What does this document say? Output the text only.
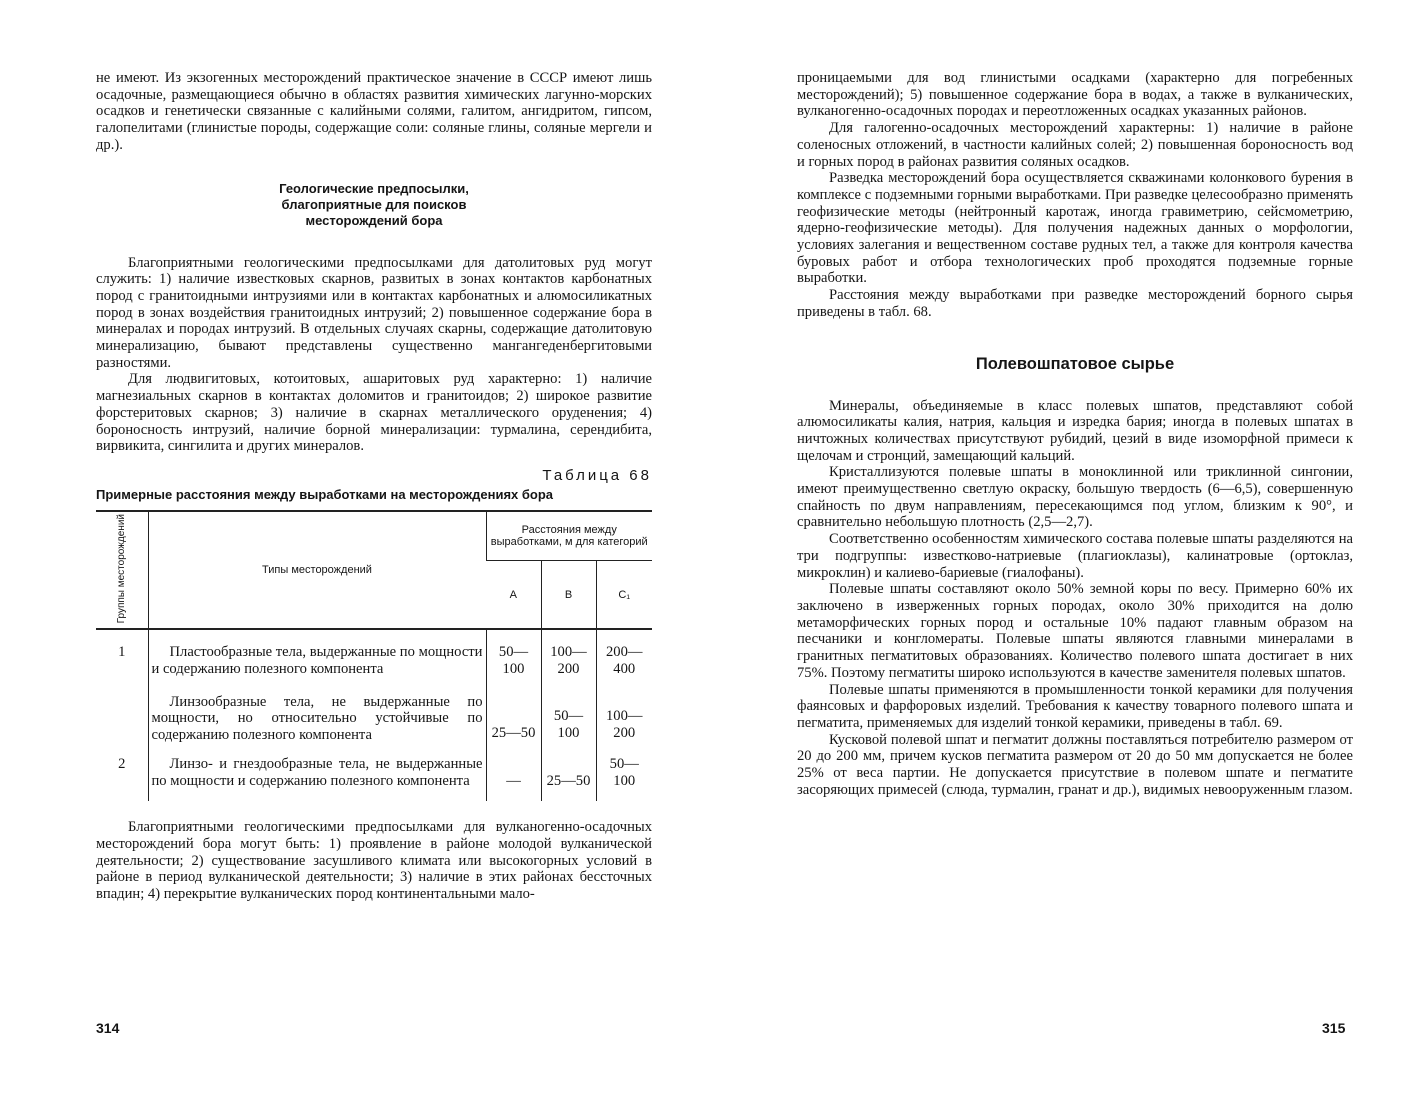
не имеют. Из экзогенных месторождений практическое значение в СССР имеют лишь осадочные, размещающиеся обычно в областях развития химических лагунно-морских осадков и генетически связанные с калийными солями, галитом, ангидритом, гипсом, галопелитами (глинистые породы, содержащие соли: соляные глины, соляные мергели и др.).

Геологические предпосылки,
благоприятные для поисков
месторождений бора

Благоприятными геологическими предпосылками для датолитовых руд могут служить: 1) наличие известковых скарнов, развитых в зонах контактов карбонатных пород с гранитоидными интрузиями или в контактах карбонатных и алюмосиликатных пород в зонах воздействия гранитоидных интрузий; 2) повышенное содержание бора в минералах и породах интрузий. В отдельных случаях скарны, содержащие датолитовую минерализацию, бывают представлены существенно мангангеденбергитовыми разностями.

Для людвигитовых, котоитовых, ашаритовых руд характерно: 1) наличие магнезиальных скарнов в контактах доломитов и гранитоидов; 2) широкое развитие форстеритовых скарнов; 3) наличие в скарнах металлического оруденения; 4) бороносность интрузий, наличие борной минерализации: турмалина, серендибита, вирвикита, сингилита и других минералов.

Таблица 68
Примерные расстояния между выработками на месторождениях бора
Группы месторождений	Типы месторождений	Расстояния между выработками, м для категорий		
		A	B	C₁
1	Пластообразные тела, выдержанные по мощности и содержанию полезного компонента	50—100	100—200	200—400

	Линзообразные тела, не выдержанные по мощности, но относительно устойчивые по содержанию полезного компонента	25—50	50—100	100—200
2	Линзо- и гнездообразные тела, не выдержанные по мощности и содержанию полезного компонента	—	25—50	50—100

Благоприятными геологическими предпосылками для вулканогенно-осадочных месторождений бора могут быть: 1) проявление в районе молодой вулканической деятельности; 2) существование засушливого климата или высокогорных условий в районе в период вулканической деятельности; 3) наличие в этих районах бессточных впадин; 4) перекрытие вулканических пород континентальными мало-

314

проницаемыми для вод глинистыми осадками (характерно для погребенных месторождений); 5) повышенное содержание бора в водах, а также в вулканических, вулканогенно-осадочных породах и переотложенных осадках указанных районов.

Для галогенно-осадочных месторождений характерны: 1) наличие в районе соленосных отложений, в частности калийных солей; 2) повышенная бороносность вод и горных пород в районах развития соляных осадков.

Разведка месторождений бора осуществляется скважинами колонкового бурения в комплексе с подземными горными выработками. При разведке целесообразно применять геофизические методы (нейтронный каротаж, иногда гравиметрию, сейсмометрию, ядерно-геофизические методы). Для получения надежных данных о морфологии, условиях залегания и вещественном составе рудных тел, а также для контроля качества буровых работ и отбора технологических проб проходятся подземные горные выработки.

Расстояния между выработками при разведке месторождений борного сырья приведены в табл. 68.

Полевошпатовое сырье

Минералы, объединяемые в класс полевых шпатов, представляют собой алюмосиликаты калия, натрия, кальция и изредка бария; иногда в полевых шпатах в ничтожных количествах присутствуют рубидий, цезий в виде изоморфной примеси к щелочам и стронций, замещающий кальций.

Кристаллизуются полевые шпаты в моноклинной или триклинной сингонии, имеют преимущественно светлую окраску, большую твердость (6—6,5), совершенную спайность по двум направлениям, пересекающимся под углом, близким к 90°, и сравнительно небольшую плотность (2,5—2,7).

Соответственно особенностям химического состава полевые шпаты разделяются на три подгруппы: известково-натриевые (плагиоклазы), калинатровые (ортоклаз, микроклин) и калиево-бариевые (гиалофаны).

Полевые шпаты составляют около 50% земной коры по весу. Примерно 60% их заключено в изверженных горных породах, около 30% приходится на долю метаморфических горных пород и остальные 10% падают главным образом на песчаники и конгломераты. Полевые шпаты являются главными минералами в гранитных пегматитовых образованиях. Количество полевого шпата достигает в них 75%. Поэтому пегматиты широко используются в качестве заменителя полевых шпатов.

Полевые шпаты применяются в промышленности тонкой керамики для получения фаянсовых и фарфоровых изделий. Требования к качеству товарного полевого шпата и пегматита, применяемых для изделий тонкой керамики, приведены в табл. 69.

Кусковой полевой шпат и пегматит должны поставляться потребителю размером от 20 до 200 мм, причем кусков пегматита размером от 20 до 50 мм допускается не более 25% от веса партии. Не допускается присутствие в полевом шпате и пегматите засоряющих примесей (слюда, турмалин, гранат и др.), видимых невооруженным глазом.

315
